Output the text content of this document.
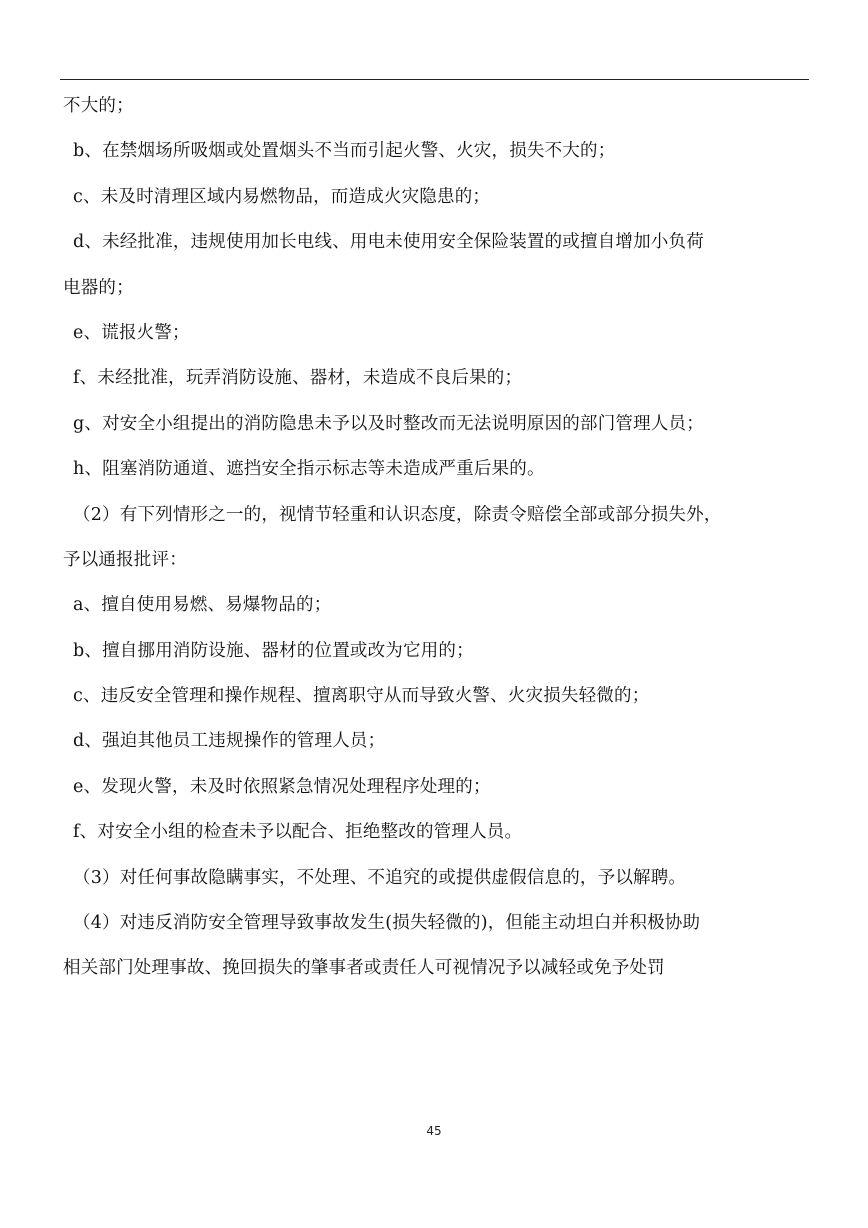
不大的；
b、在禁烟场所吸烟或处置烟头不当而引起火警、火灾，损失不大的；
c、未及时清理区域内易燃物品，而造成火灾隐患的；
d、未经批准，违规使用加长电线、用电未使用安全保险装置的或擅自增加小负荷
电器的；
e、谎报火警；
f、未经批准，玩弄消防设施、器材，未造成不良后果的；
g、对安全小组提出的消防隐患未予以及时整改而无法说明原因的部门管理人员；
h、阻塞消防通道、遮挡安全指示标志等未造成严重后果的。
（2）有下列情形之一的，视情节轻重和认识态度，除责令赔偿全部或部分损失外，
予以通报批评：
a、擅自使用易燃、易爆物品的；
b、擅自挪用消防设施、器材的位置或改为它用的；
c、违反安全管理和操作规程、擅离职守从而导致火警、火灾损失轻微的；
d、强迫其他员工违规操作的管理人员；
e、发现火警，未及时依照紧急情况处理程序处理的；
f、对安全小组的检查未予以配合、拒绝整改的管理人员。
（3）对任何事故隐瞒事实，不处理、不追究的或提供虚假信息的，予以解聘。
（4）对违反消防安全管理导致事故发生(损失轻微的)，但能主动坦白并积极协助
相关部门处理事故、挽回损失的肇事者或责任人可视情况予以减轻或免予处罚
45
